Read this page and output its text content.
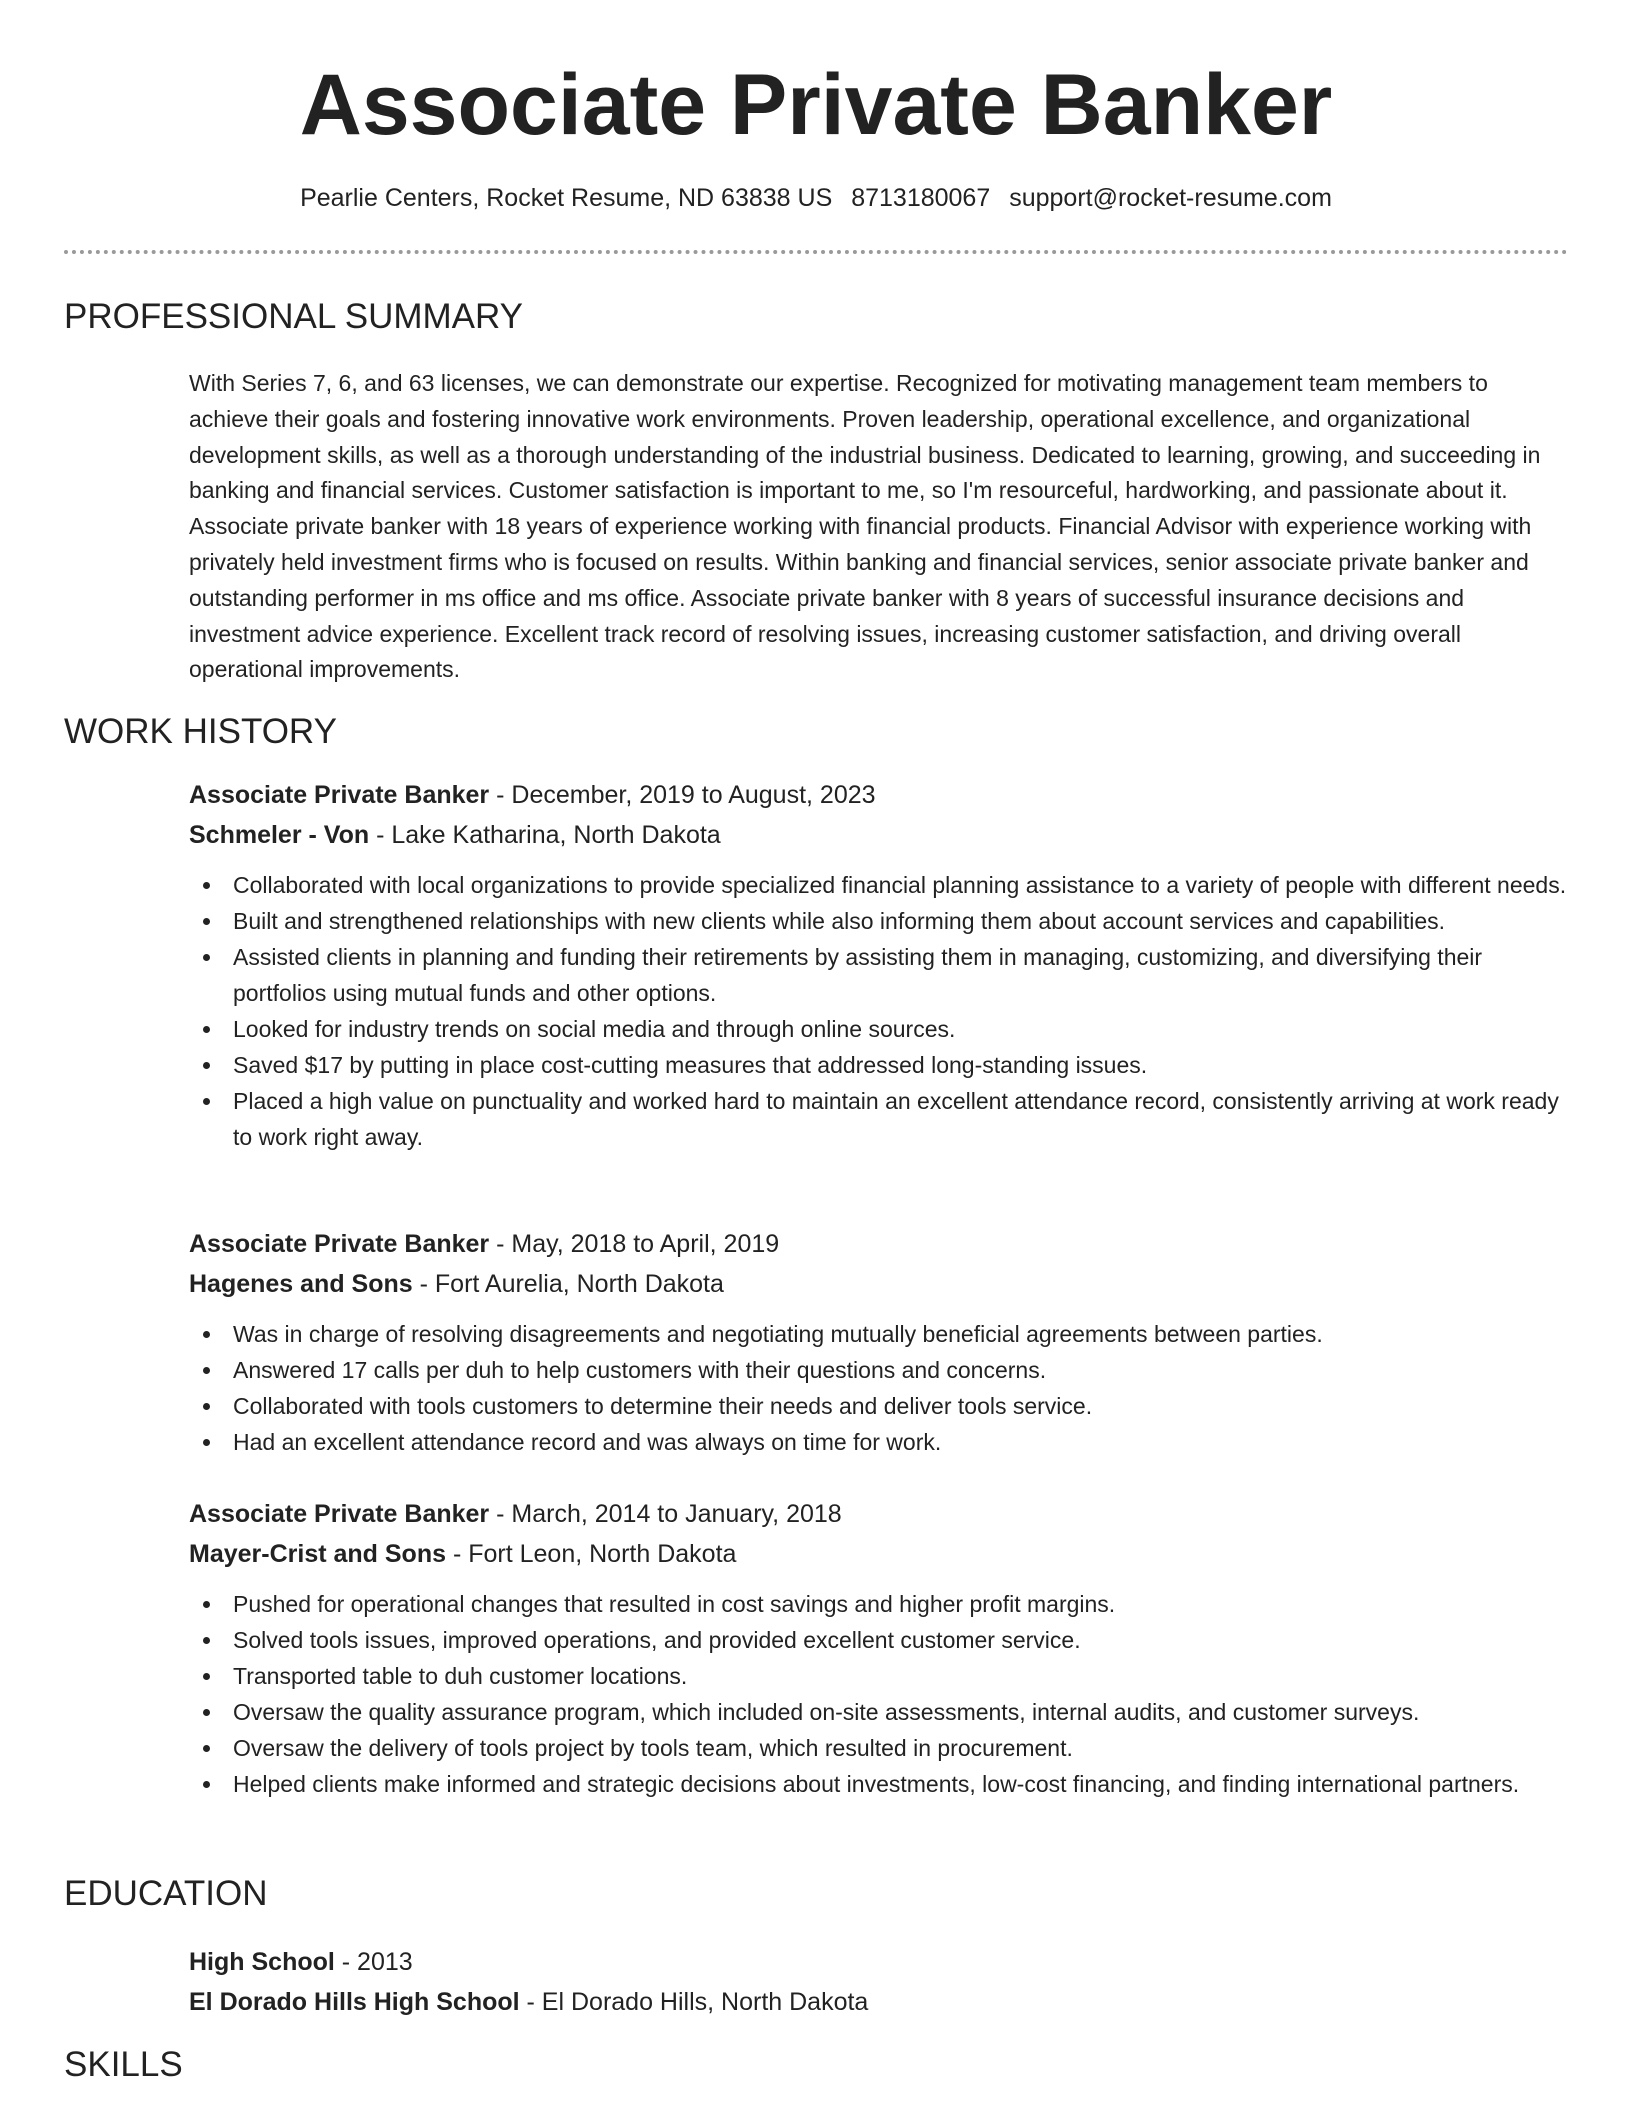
Associate Private Banker
Pearlie Centers, Rocket Resume, ND 63838 US 8713180067 support@rocket-resume.com
PROFESSIONAL SUMMARY
With Series 7, 6, and 63 licenses, we can demonstrate our expertise. Recognized for motivating management team members to achieve their goals and fostering innovative work environments. Proven leadership, operational excellence, and organizational development skills, as well as a thorough understanding of the industrial business. Dedicated to learning, growing, and succeeding in banking and financial services. Customer satisfaction is important to me, so I'm resourceful, hardworking, and passionate about it. Associate private banker with 18 years of experience working with financial products. Financial Advisor with experience working with privately held investment firms who is focused on results. Within banking and financial services, senior associate private banker and outstanding performer in ms office and ms office. Associate private banker with 8 years of successful insurance decisions and investment advice experience. Excellent track record of resolving issues, increasing customer satisfaction, and driving overall operational improvements.
WORK HISTORY
Associate Private Banker - December, 2019 to August, 2023
Schmeler - Von - Lake Katharina, North Dakota
Collaborated with local organizations to provide specialized financial planning assistance to a variety of people with different needs.
Built and strengthened relationships with new clients while also informing them about account services and capabilities.
Assisted clients in planning and funding their retirements by assisting them in managing, customizing, and diversifying their portfolios using mutual funds and other options.
Looked for industry trends on social media and through online sources.
Saved $17 by putting in place cost-cutting measures that addressed long-standing issues.
Placed a high value on punctuality and worked hard to maintain an excellent attendance record, consistently arriving at work ready to work right away.
Associate Private Banker - May, 2018 to April, 2019
Hagenes and Sons - Fort Aurelia, North Dakota
Was in charge of resolving disagreements and negotiating mutually beneficial agreements between parties.
Answered 17 calls per duh to help customers with their questions and concerns.
Collaborated with tools customers to determine their needs and deliver tools service.
Had an excellent attendance record and was always on time for work.
Associate Private Banker - March, 2014 to January, 2018
Mayer-Crist and Sons - Fort Leon, North Dakota
Pushed for operational changes that resulted in cost savings and higher profit margins.
Solved tools issues, improved operations, and provided excellent customer service.
Transported table to duh customer locations.
Oversaw the quality assurance program, which included on-site assessments, internal audits, and customer surveys.
Oversaw the delivery of tools project by tools team, which resulted in procurement.
Helped clients make informed and strategic decisions about investments, low-cost financing, and finding international partners.
EDUCATION
High School - 2013
El Dorado Hills High School - El Dorado Hills, North Dakota
SKILLS
